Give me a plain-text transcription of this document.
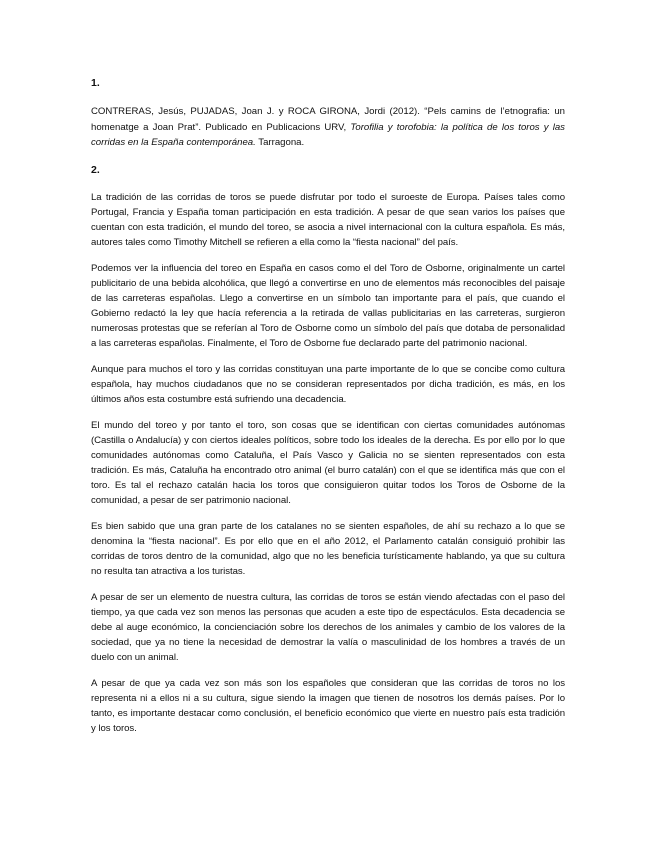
1.
CONTRERAS, Jesús, PUJADAS, Joan J. y ROCA GIRONA, Jordi (2012). “Pels camins de l’etnografia: un homenatge a Joan Prat”. Publicado en Publicacions URV, Torofilia y torofobia: la política de los toros y las corridas en la España contemporánea. Tarragona.
2.

La tradición de las corridas de toros se puede disfrutar por todo el suroeste de Europa. Países tales como Portugal, Francia y España toman participación en esta tradición. A pesar de que sean varios los países que cuentan con esta tradición, el mundo del toreo, se asocia a nivel internacional con la cultura española. Es más, autores tales como Timothy Mitchell se refieren a ella como la “fiesta nacional” del país.

Podemos ver la influencia del toreo en España en casos como el del Toro de Osborne, originalmente un cartel publicitario de una bebida alcohólica, que llegó a convertirse en uno de elementos más reconocibles del paisaje de las carreteras españolas. Llego a convertirse en un símbolo tan importante para el país, que cuando el Gobierno redactó la ley que hacía referencia a la retirada de vallas publicitarias en las carreteras, surgieron numerosas protestas que se referían al Toro de Osborne como un símbolo del país que dotaba de personalidad a las carreteras españolas. Finalmente, el Toro de Osborne fue declarado parte del patrimonio nacional.

Aunque para muchos el toro y las corridas constituyan una parte importante de lo que se concibe como cultura española, hay muchos ciudadanos que no se consideran representados por dicha tradición, es más, en los últimos años esta costumbre está sufriendo una decadencia.

El mundo del toreo y por tanto el toro, son cosas que se identifican con ciertas comunidades autónomas (Castilla o Andalucía) y con ciertos ideales políticos, sobre todo los ideales de la derecha. Es por ello por lo que comunidades autónomas como Cataluña, el País Vasco y Galicia no se sienten representados con esta tradición. Es más, Cataluña ha encontrado otro animal (el burro catalán) con el que se identifica más que con el toro. Es tal el rechazo catalán hacia los toros que consiguieron quitar todos los Toros de Osborne de la comunidad, a pesar de ser patrimonio nacional.

Es bien sabido que una gran parte de los catalanes no se sienten españoles, de ahí su rechazo a lo que se denomina la “fiesta nacional”. Es por ello que en el año 2012, el Parlamento catalán consiguió prohibir las corridas de toros dentro de la comunidad, algo que no les beneficia turísticamente hablando, ya que su cultura no resulta tan atractiva a los turistas.

A pesar de ser un elemento de nuestra cultura, las corridas de toros se están viendo afectadas con el paso del tiempo, ya que cada vez son menos las personas que acuden a este tipo de espectáculos. Esta decadencia se debe al auge económico, la concienciación sobre los derechos de los animales y cambio de los valores de la sociedad, que ya no tiene la necesidad de demostrar la valía o masculinidad de los hombres a través de un duelo con un animal.

A pesar de que ya cada vez son más son los españoles que consideran que las corridas de toros no los representa ni a ellos ni a su cultura, sigue siendo la imagen que tienen de nosotros los demás países. Por lo tanto, es importante destacar como conclusión, el beneficio económico que vierte en nuestro país esta tradición y los toros.
